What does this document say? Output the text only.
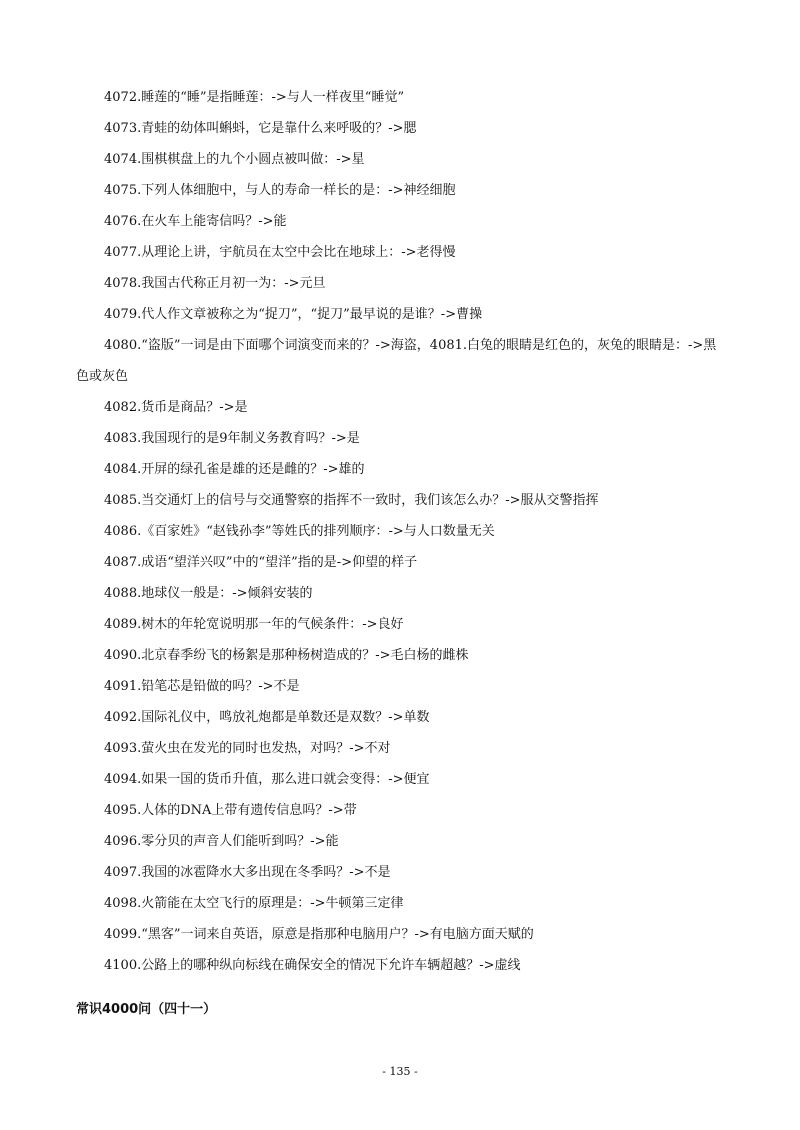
4072.睡莲的“睡”是指睡莲：->与人一样夜里“睡觉”
4073.青蛙的幼体叫蝌蚪，它是靠什么来呼吸的？->腮
4074.围棋棋盘上的九个小圆点被叫做：->星
4075.下列人体细胞中，与人的寿命一样长的是：->神经细胞
4076.在火车上能寄信吗？->能
4077.从理论上讲，宇航员在太空中会比在地球上：->老得慢
4078.我国古代称正月初一为：->元旦
4079.代人作文章被称之为“捉刀”，“捉刀”最早说的是谁？->曹操
4080.“盗版”一词是由下面哪个词演变而来的？->海盗，4081.白兔的眼睛是红色的，灰兔的眼睛是：->黑色或灰色
4082.货币是商品？->是
4083.我国现行的是9年制义务教育吗？->是
4084.开屏的绿孔雀是雄的还是雌的？->雄的
4085.当交通灯上的信号与交通警察的指挥不一致时，我们该怎么办？->服从交警指挥
4086.《百家姓》“赵钱孙李”等姓氏的排列顺序：->与人口数量无关
4087.成语“望洋兴叹”中的“望洋”指的是->仰望的样子
4088.地球仪一般是：->倾斜安装的
4089.树木的年轮宽说明那一年的气候条件：->良好
4090.北京春季纷飞的杨絮是那种杨树造成的？->毛白杨的雌株
4091.铅笔芯是铅做的吗？->不是
4092.国际礼仪中，鸣放礼炮都是单数还是双数？->单数
4093.萤火虫在发光的同时也发热，对吗？->不对
4094.如果一国的货币升值，那么进口就会变得：->便宜
4095.人体的DNA上带有遗传信息吗？->带
4096.零分贝的声音人们能听到吗？->能
4097.我国的冰雹降水大多出现在冬季吗？->不是
4098.火箭能在太空飞行的原理是：->牛顿第三定律
4099.“黑客”一词来自英语，原意是指那种电脑用户？->有电脑方面天赋的
4100.公路上的哪种纵向标线在确保安全的情况下允许车辆超越？->虚线
常识4000问（四十一）
- 135 -
